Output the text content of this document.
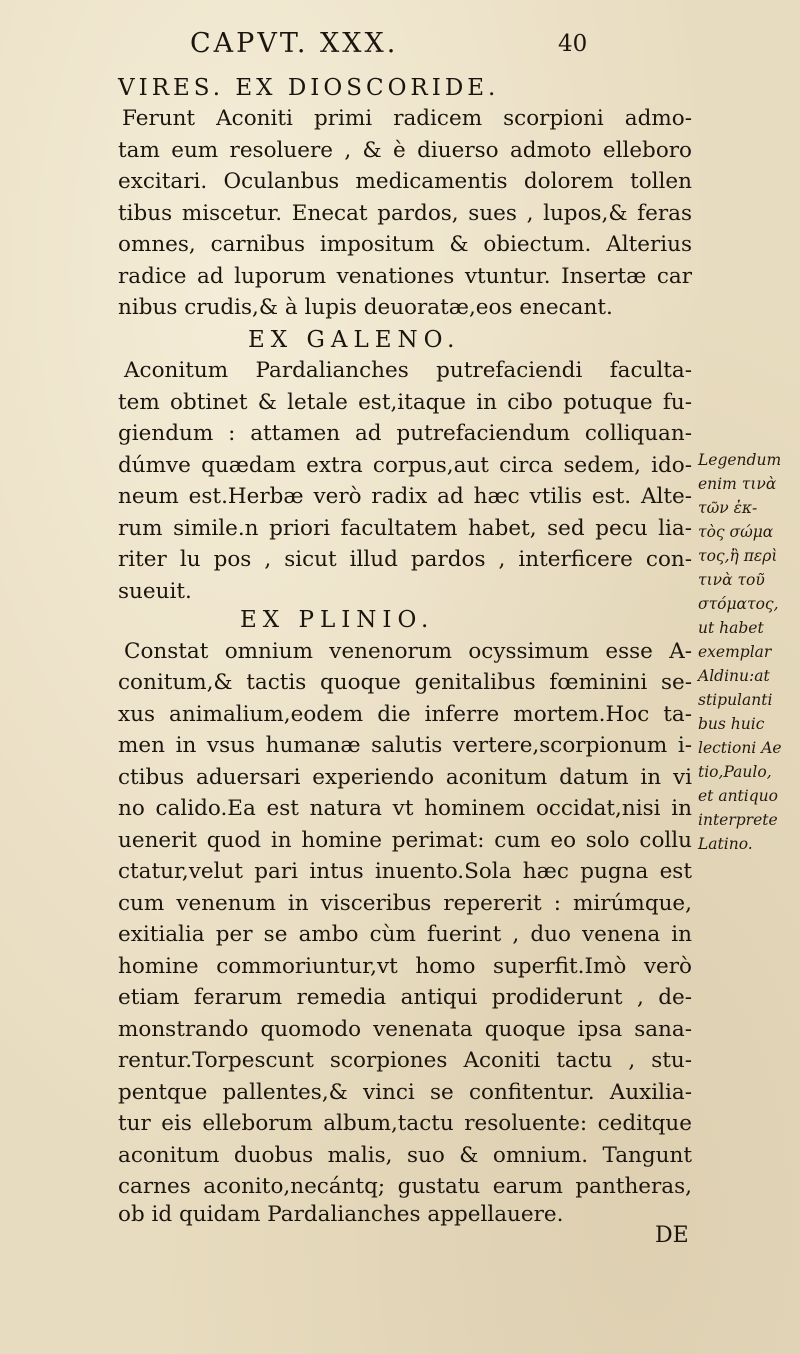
CAPVT. XXX.	40
VIRES. EX DIOSCORIDE.
Ferunt Aconiti primi radicem scorpioni admo-
tam eum resoluere , & è diuerso admoto elleboro
excitari. Oculanbus medicamentis dolorem tollen
tibus miscetur. Enecat pardos, sues , lupos,& feras
omnes, carnibus impositum & obiectum. Alterius
radice ad luporum venationes vtuntur. Insertæ car
nibus crudis,& à lupis deuoratæ,eos enecant.
EX GALENO.
Aconitum Pardalianches putrefaciendi faculta-
tem obtinet & letale est,itaque in cibo potuque fu-
giendum : attamen ad putrefaciendum colliquan-
dúmve quædam extra corpus,aut circa sedem, ido-
neum est.Herbæ verò radix ad hæc vtilis est. Alte-
rum simile.n priori facultatem habet, sed pecu lia-
riter lu pos , sicut illud pardos , interficere con-
sueuit.
EX PLINIO.
Constat omnium venenorum ocyssimum esse A-
conitum,& tactis quoque genitalibus fœminini se-
xus animalium,eodem die inferre mortem.Hoc ta-
men in vsus humanæ salutis vertere,scorpionum i-
ctibus aduersari experiendo aconitum datum in vi
no calido.Ea est natura vt hominem occidat,nisi in
uenerit quod in homine perimat: cum eo solo collu
ctatur,velut pari intus inuento.Sola hæc pugna est
cum venenum in visceribus repererit : mirúmque,
exitialia per se ambo cùm fuerint , duo venena in
homine commoriuntur,vt homo superfit.Imò verò
etiam ferarum remedia antiqui prodiderunt , de-
monstrando quomodo venenata quoque ipsa sana-
rentur.Torpescunt scorpiones Aconiti tactu , stu-
pentque pallentes,& vinci se confitentur. Auxilia-
tur eis elleborum album,tactu resoluente: ceditque
aconitum duobus malis, suo & omnium. Tangunt
carnes aconito,necántq; gustatu earum pantheras,
ob id quidam Pardalianches appellauere.
DE
Legendum
enim τινὰ
τῶν ἐκ-
τὸς σώμα
τος,ἢ περὶ
τινὰ τοῦ
στόματος,
ut habet
exemplar
Aldinu:at
stipulanti
bus huic
lectioni Ae
tio,Paulo,
et antiquo
interprete
Latino.
